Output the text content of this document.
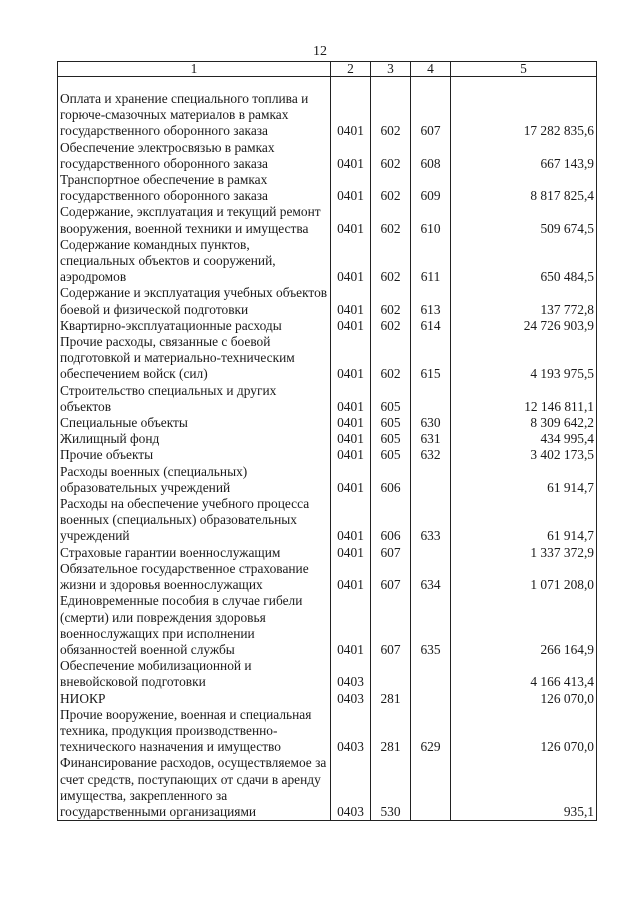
12
1	2	3	4	5

Оплата и хранение специального топлива и горюче-смазочных материалов в рамках государственного оборонного заказа	0401	602	607	17 282 835,6
Обеспечение электросвязью в рамках государственного оборонного заказа	0401	602	608	667 143,9
Транспортное обеспечение в рамках государственного оборонного заказа	0401	602	609	8 817 825,4
Содержание, эксплуатация и текущий ремонт вооружения, военной техники и имущества	0401	602	610	509 674,5
Содержание командных пунктов, специальных объектов и сооружений, аэродромов	0401	602	611	650 484,5
Содержание и эксплуатация учебных объектов боевой и физической подготовки	0401	602	613	137 772,8
Квартирно-эксплуатационные расходы	0401	602	614	24 726 903,9
Прочие расходы, связанные с боевой подготовкой и материально-техническим обеспечением войск (сил)	0401	602	615	4 193 975,5
Строительство специальных и других объектов	0401	605		12 146 811,1
Специальные объекты	0401	605	630	8 309 642,2
Жилищный фонд	0401	605	631	434 995,4
Прочие объекты	0401	605	632	3 402 173,5
Расходы военных (специальных) образовательных учреждений	0401	606		61 914,7
Расходы на обеспечение учебного процесса военных (специальных) образовательных учреждений	0401	606	633	61 914,7
Страховые гарантии военнослужащим	0401	607		1 337 372,9
Обязательное государственное страхование жизни и здоровья военнослужащих	0401	607	634	1 071 208,0
Единовременные пособия в случае гибели (смерти) или повреждения здоровья военнослужащих при исполнении обязанностей военной службы	0401	607	635	266 164,9
Обеспечение мобилизационной и вневойсковой подготовки	0403			4 166 413,4
НИОКР	0403	281		126 070,0
Прочие вооружение, военная и специальная техника, продукция производственно-технического назначения и имущество	0403	281	629	126 070,0
Финансирование расходов, осуществляемое за счет средств, поступающих от сдачи в аренду имущества, закрепленного за государственными организациями	0403	530		935,1
